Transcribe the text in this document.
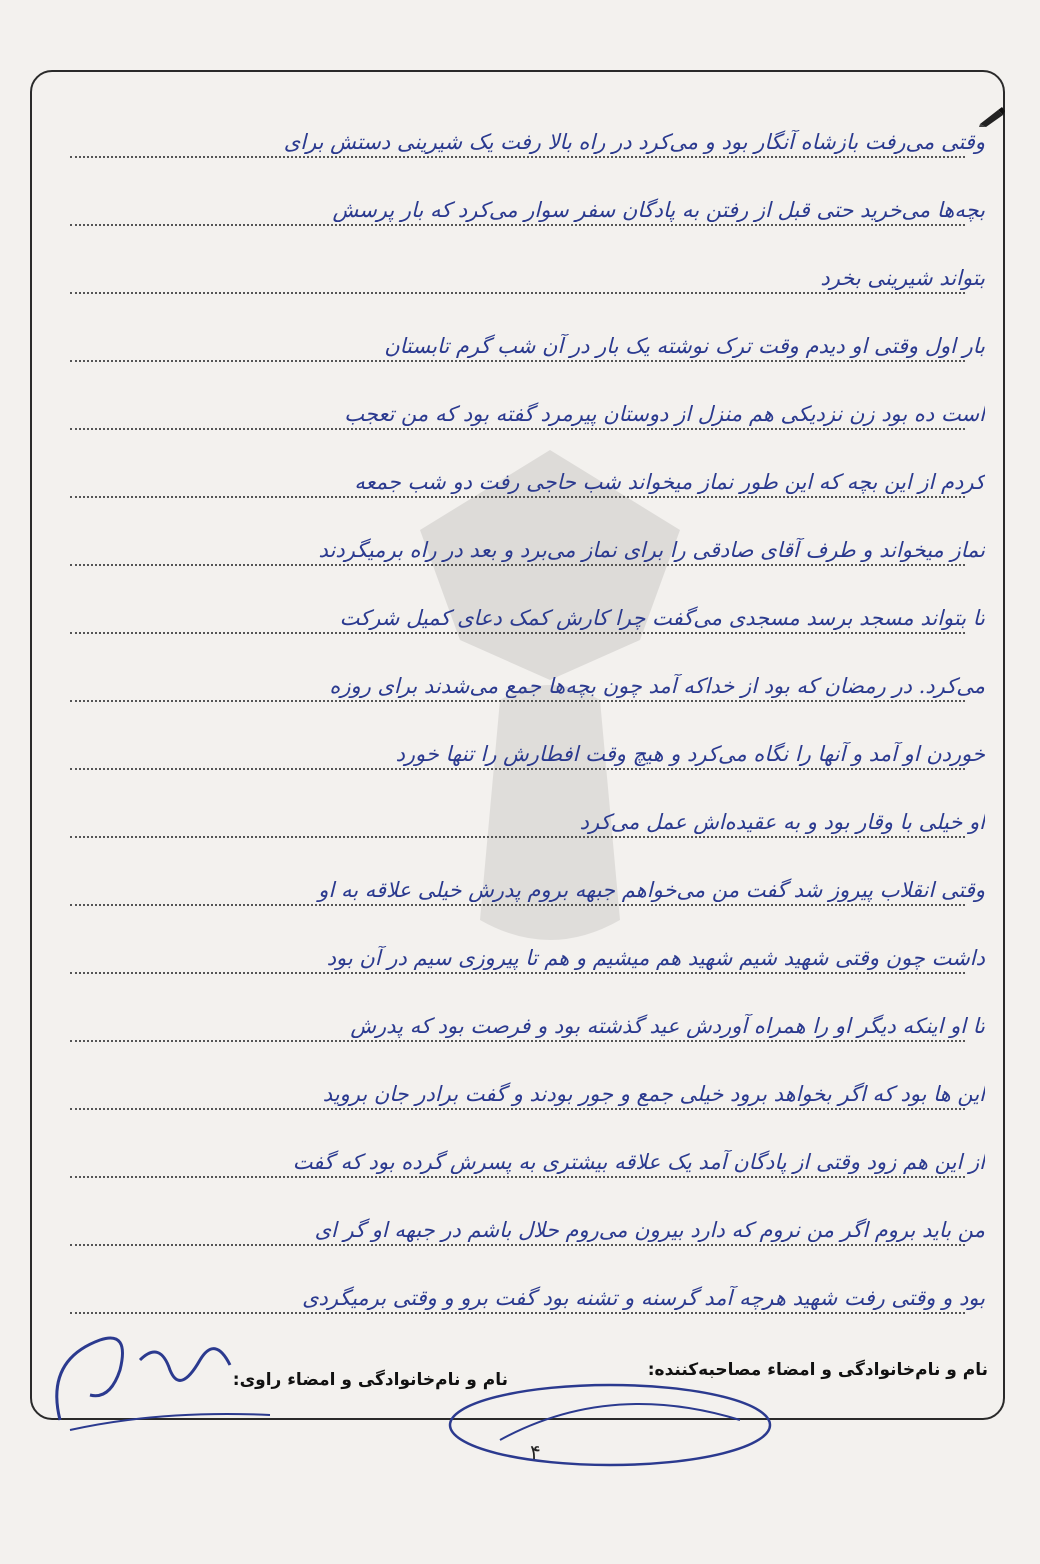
وقتی می‌رفت بازشاه آنگار بود و می‌کرد در راه بالا رفت یک شیرینی دستش برای
بچه‌ها می‌خرید حتی قبل از رفتن به پادگان سفر سوار می‌کرد که بار پرسش
بتواند شیرینی بخرد
بار اول وقتی او دیدم وقت ترک نوشته یک بار در آن شب گرم تابستان
است ده بود زن نزدیکی هم منزل از دوستان پیرمرد گفته بود که من تعجب
کردم از این بچه که این طور نماز میخواند شب حاجی رفت دو شب جمعه
نماز میخواند و طرف آقای صادقی را برای نماز می‌برد و بعد در راه برمیگردند
تا بتواند مسجد برسد مسجدی می‌گفت چرا کارش کمک دعای کمیل شرکت
می‌کرد. در رمضان که بود از خداکه آمد چون بچه‌ها جمع می‌شدند برای روزه
خوردن او آمد و آنها را نگاه می‌کرد و هیچ وقت افطارش را تنها خورد
او خیلی با وقار بود و به عقیده‌اش عمل می‌کرد
وقتی انقلاب پیروز شد گفت من می‌خواهم جبهه بروم پدرش خیلی علاقه به او
داشت چون وقتی شهید شیم شهید هم میشیم و هم تا پیروزی سیم در آن بود
تا او اینکه دیگر او را همراه آوردش عید گذشته بود و فرصت بود که پدرش
این ها بود که اگر بخواهد برود خیلی جمع و جور بودند و گفت برادر جان بروید
از این هم زود وقتی از پادگان آمد یک علاقه بیشتری به پسرش گرده بود که گفت
من باید بروم اگر من نروم که دارد بیرون می‌روم حلال باشم در جبهه او گر ای
بود و وقتی رفت شهید هرچه آمد گرسنه و تشنه بود گفت برو و وقتی برمیگردی
نام و نام‌خانوادگی و امضاء مصاحبه‌کننده:
نام و نام‌خانوادگی و امضاء راوی:
۴
